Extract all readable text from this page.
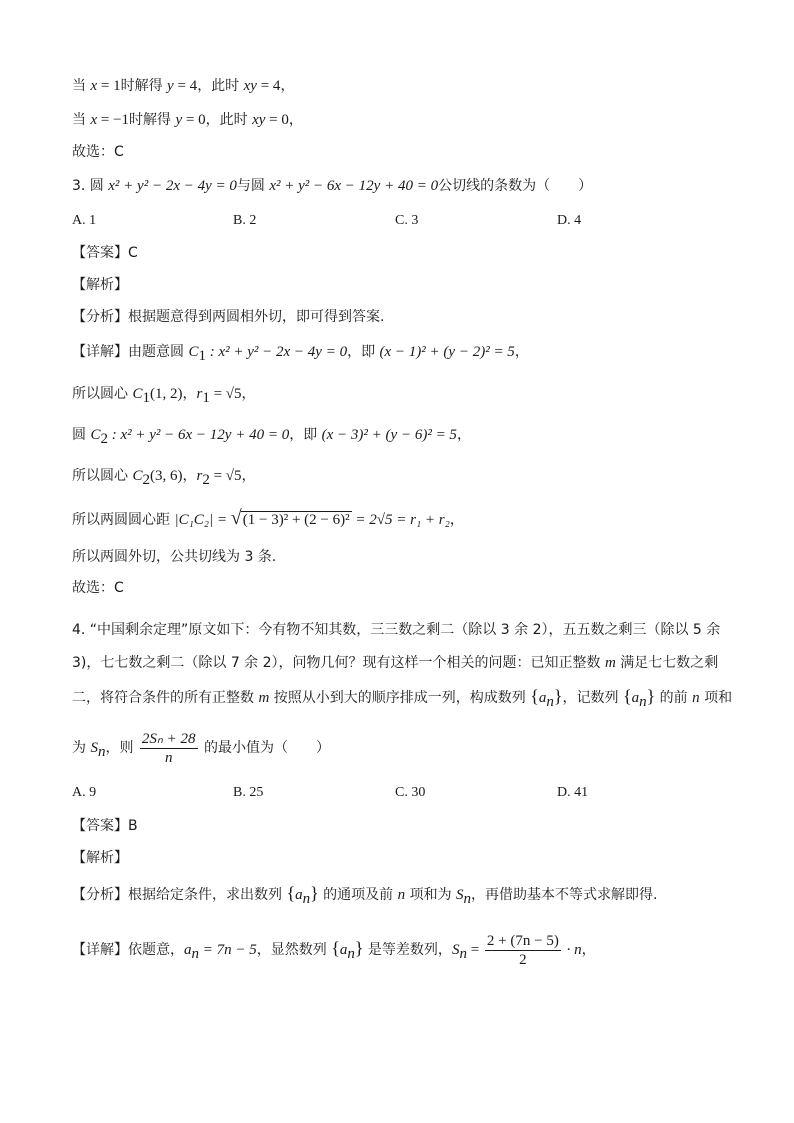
当 x = 1时解得 y = 4，此时 xy = 4，
当 x = −1时解得 y = 0，此时 xy = 0，
故选：C
3. 圆 x² + y² − 2x − 4y = 0与圆 x² + y² − 6x − 12y + 40 = 0公切线的条数为（　　）
A. 1	B. 2	C. 3	D. 4
【答案】C
【解析】
【分析】根据题意得到两圆相外切，即可得到答案.
【详解】由题意圆 $C_1$ : x² + y² − 2x − 4y = 0，即 (x − 1)² + (y − 2)² = 5，
所以圆心 $C_1(1$, 2)，$r_1 = √5$，
圆 $C_2$ : x² + y² − 6x − 12y + 40 = 0，即 (x − 3)² + (y − 6)² = 5，
所以圆心 $C_2(3$, 6)，$r_2 = √5$，
所以两圆圆心距 |C₁C₂| = √ (1 − 3)² + (2 − 6)² = 2√5 = r₁ + r₂，
所以两圆外切，公共切线为 3 条.
故选：C
4. “中国剩余定理”原文如下：今有物不知其数，三三数之剩二（除以 3 余 2），五五数之剩三（除以 5 余
3)，七七数之剩二（除以 7 余 2），问物几何？现有这样一个相关的问题：已知正整数 m 满足七七数之剩
二，将符合条件的所有正整数 m 按照从小到大的顺序排成一列，构成数列 $\{a_n\}$，记数列 $\{a_n\}$ 的前 n 项和
为 $S_n$，则 $\frac{\text{2Sₙ + 28}}{n}$ 的最小值为（　　）
A. 9	B. 25	C. 30	D. 41
【答案】B
【解析】
【分析】根据给定条件，求出数列 $\{a_n\}$ 的通项及前 n 项和为 $S_n$，再借助基本不等式求解即得.
【详解】依题意，$a_n = 7n - 5$，显然数列 $\{a_n\}$ 是等差数列，$S_n = \frac{2 + (7n - 5)}{2} \cdot n$，
